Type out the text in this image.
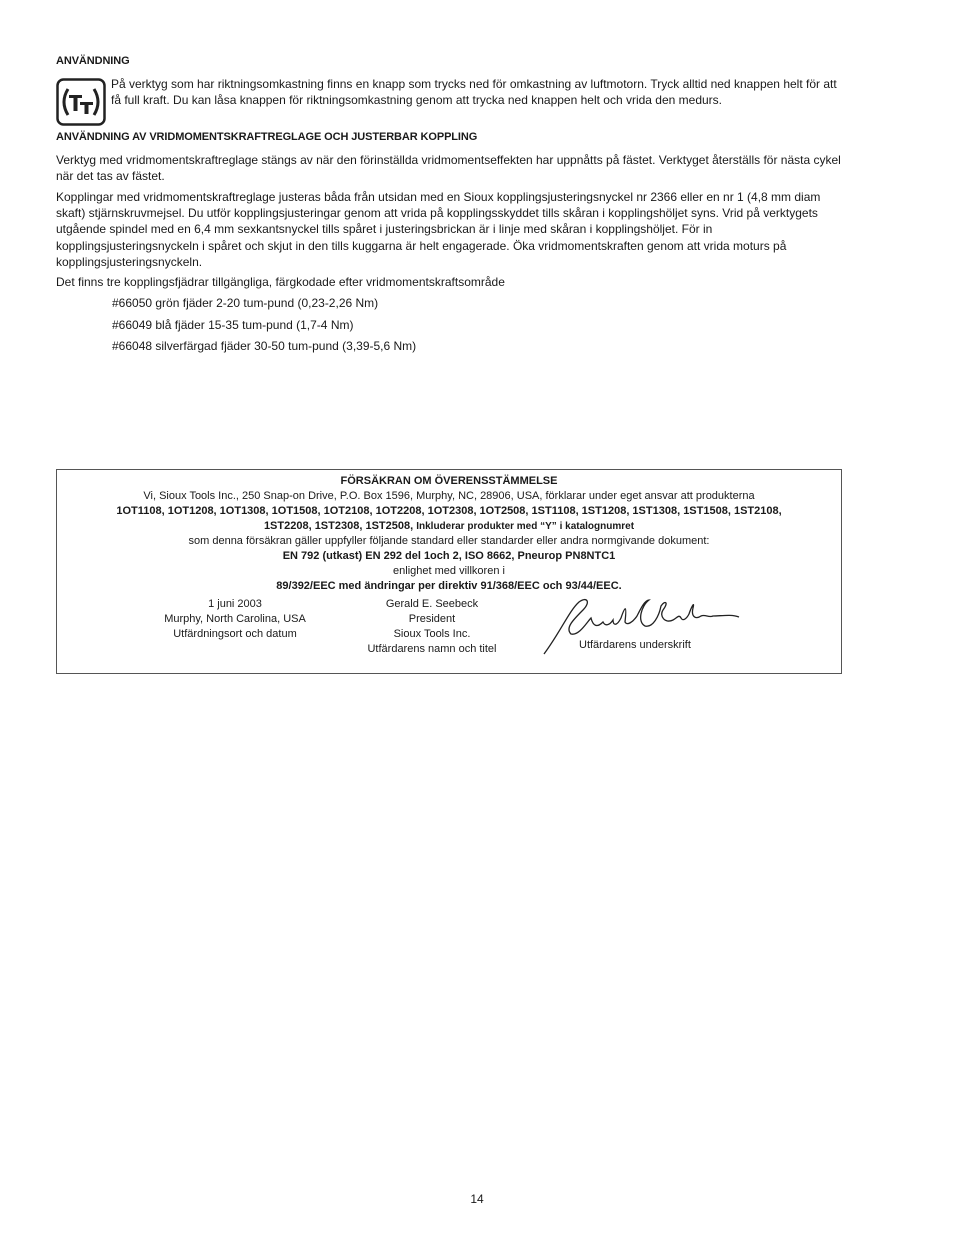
ANVÄNDNING
På verktyg som har riktningsomkastning finns en knapp som trycks ned för omkastning av luftmotorn. Tryck alltid ned knappen helt för att få full kraft. Du kan låsa knappen för riktningsomkastning genom att trycka ned knappen helt och vrida den medurs.
ANVÄNDNING AV VRIDMOMENTSKRAFTREGLAGE OCH JUSTERBAR KOPPLING
Verktyg med vridmomentskraftreglage stängs av när den förinställda vridmomentseffekten har uppnåtts på fästet. Verktyget återställs för nästa cykel när det tas av fästet.
Kopplingar med vridmomentskraftreglage justeras båda från utsidan med en Sioux kopplingsjusteringsnyckel nr 2366 eller en nr 1 (4,8 mm diam skaft) stjärnskruvmejsel. Du utför kopplingsjusteringar genom att vrida på kopplingsskyddet tills skåran i kopplingshöljet syns. Vrid på verktygets utgående spindel med en 6,4 mm sexkantsnyckel tills spåret i justeringsbrickan är i linje med skåran i kopplingshöljet. För in kopplingsjusteringsnyckeln i spåret och skjut in den tills kuggarna är helt engagerade. Öka vridmomentskraften genom att vrida moturs på kopplingsjusteringsnyckeln.
Det finns tre kopplingsfjädrar tillgängliga, färgkodade efter vridmomentskraftsområde
#66050 grön fjäder 2-20 tum-pund (0,23-2,26 Nm)
#66049 blå fjäder 15-35 tum-pund (1,7-4 Nm)
#66048 silverfärgad fjäder 30-50 tum-pund (3,39-5,6 Nm)
FÖRSÄKRAN OM ÖVERENSSTÄMMELSE
Vi, Sioux Tools Inc., 250 Snap-on Drive, P.O. Box 1596, Murphy, NC, 28906, USA, förklarar under eget ansvar att produkterna
1OT1108, 1OT1208, 1OT1308, 1OT1508, 1OT2108, 1OT2208, 1OT2308, 1OT2508, 1ST1108, 1ST1208, 1ST1308, 1ST1508, 1ST2108,
1ST2208, 1ST2308, 1ST2508, Inkluderar produkter med “Y” i katalognumret
som denna försäkran gäller uppfyller följande standard eller standarder eller andra normgivande dokument:
EN 792 (utkast) EN 292 del 1och 2, ISO 8662, Pneurop PN8NTC1
enlighet med villkoren i
89/392/EEC med ändringar per direktiv 91/368/EEC och 93/44/EEC.
1 juni 2003
Murphy, North Carolina, USA
Utfärdningsort och datum
Gerald E. Seebeck
President
Sioux Tools Inc.
Utfärdarens namn och titel	Utfärdarens underskrift
14
